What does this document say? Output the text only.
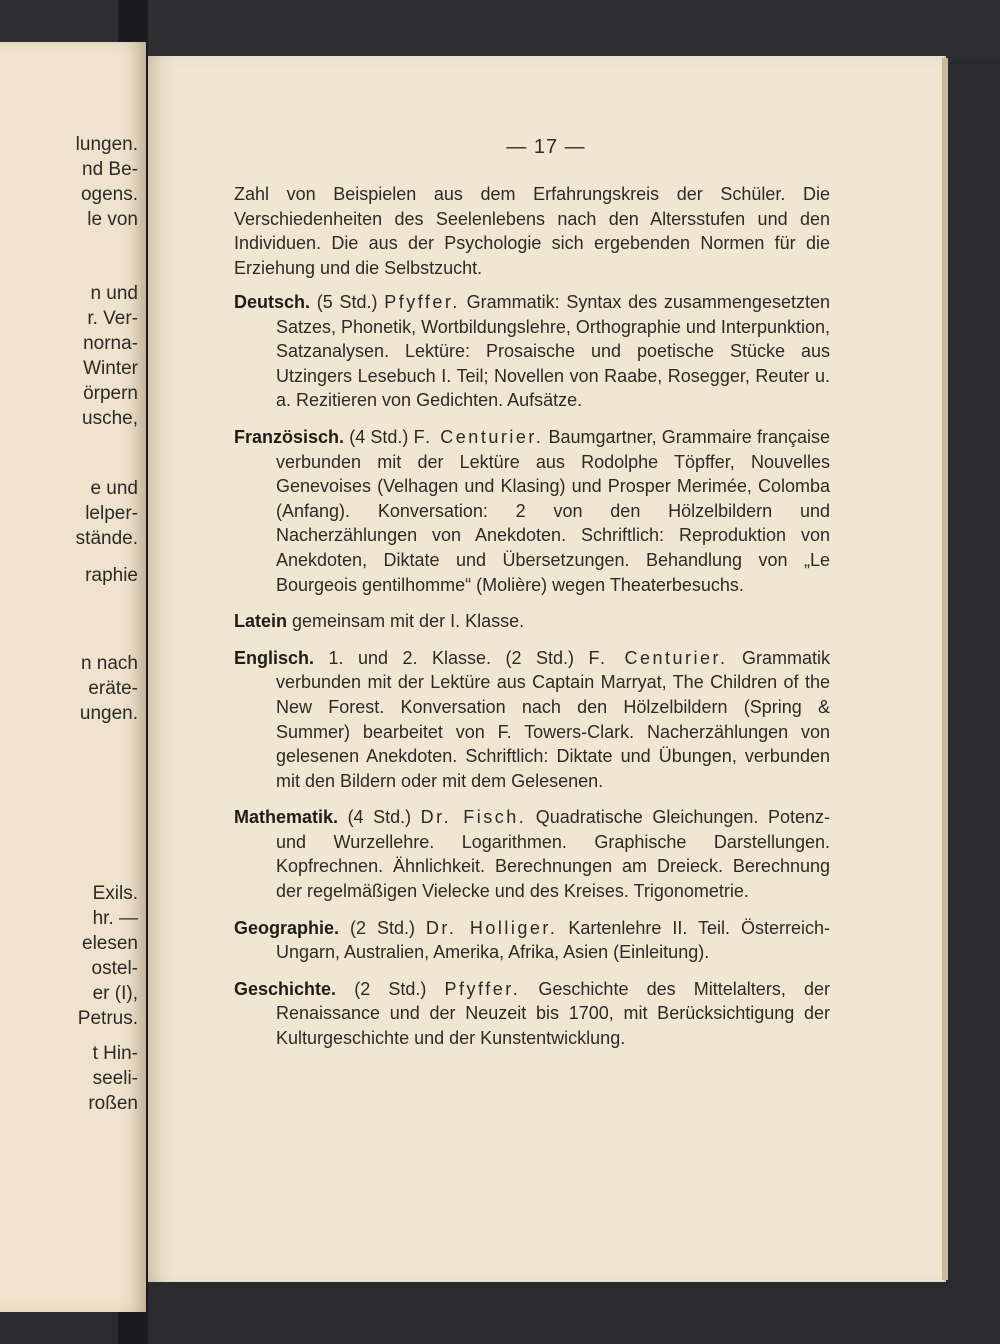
lungen.
nd Be-
ogens.
le von
n und
r. Ver-
norna-
Winter
örpern
usche,
e und
lelper-
stände.
raphie
n nach
eräte-
ungen.
Exils.
hr. —
elesen
ostel-
er (I),
Petrus.
t Hin-
seeli-
roßen
— 17 —

Zahl von Beispielen aus dem Erfahrungskreis der Schüler. Die Verschiedenheiten des Seelenlebens nach den Altersstufen und den Individuen. Die aus der Psychologie sich ergebenden Normen für die Erziehung und die Selbstzucht.

Deutsch. (5 Std.) Pfyffer. Grammatik: Syntax des zusammengesetzten Satzes, Phonetik, Wortbildungslehre, Orthographie und Interpunktion, Satzanalysen. Lektüre: Prosaische und poetische Stücke aus Utzingers Lesebuch I. Teil; Novellen von Raabe, Rosegger, Reuter u. a. Rezitieren von Gedichten. Aufsätze.

Französisch. (4 Std.) F. Centurier. Baumgartner, Grammaire française verbunden mit der Lektüre aus Rodolphe Töpffer, Nouvelles Genevoises (Velhagen und Klasing) und Prosper Merimée, Colomba (Anfang). Konversation: 2 von den Hölzelbildern und Nacherzählungen von Anekdoten. Schriftlich: Reproduktion von Anekdoten, Diktate und Übersetzungen. Behandlung von „Le Bourgeois gentilhomme“ (Molière) wegen Theaterbesuchs.

Latein gemeinsam mit der I. Klasse.

Englisch. 1. und 2. Klasse. (2 Std.) F. Centurier. Grammatik verbunden mit der Lektüre aus Captain Marryat, The Children of the New Forest. Konversation nach den Hölzelbildern (Spring & Summer) bearbeitet von F. Towers-Clark. Nacherzählungen von gelesenen Anekdoten. Schriftlich: Diktate und Übungen, verbunden mit den Bildern oder mit dem Gelesenen.

Mathematik. (4 Std.) Dr. Fisch. Quadratische Gleichungen. Potenz- und Wurzellehre. Logarithmen. Graphische Darstellungen. Kopfrechnen. Ähnlichkeit. Berechnungen am Dreieck. Berechnung der regelmäßigen Vielecke und des Kreises. Trigonometrie.

Geographie. (2 Std.) Dr. Holliger. Kartenlehre II. Teil. Österreich-Ungarn, Australien, Amerika, Afrika, Asien (Einleitung).

Geschichte. (2 Std.) Pfyffer. Geschichte des Mittelalters, der Renaissance und der Neuzeit bis 1700, mit Berücksichtigung der Kulturgeschichte und der Kunstentwicklung.
